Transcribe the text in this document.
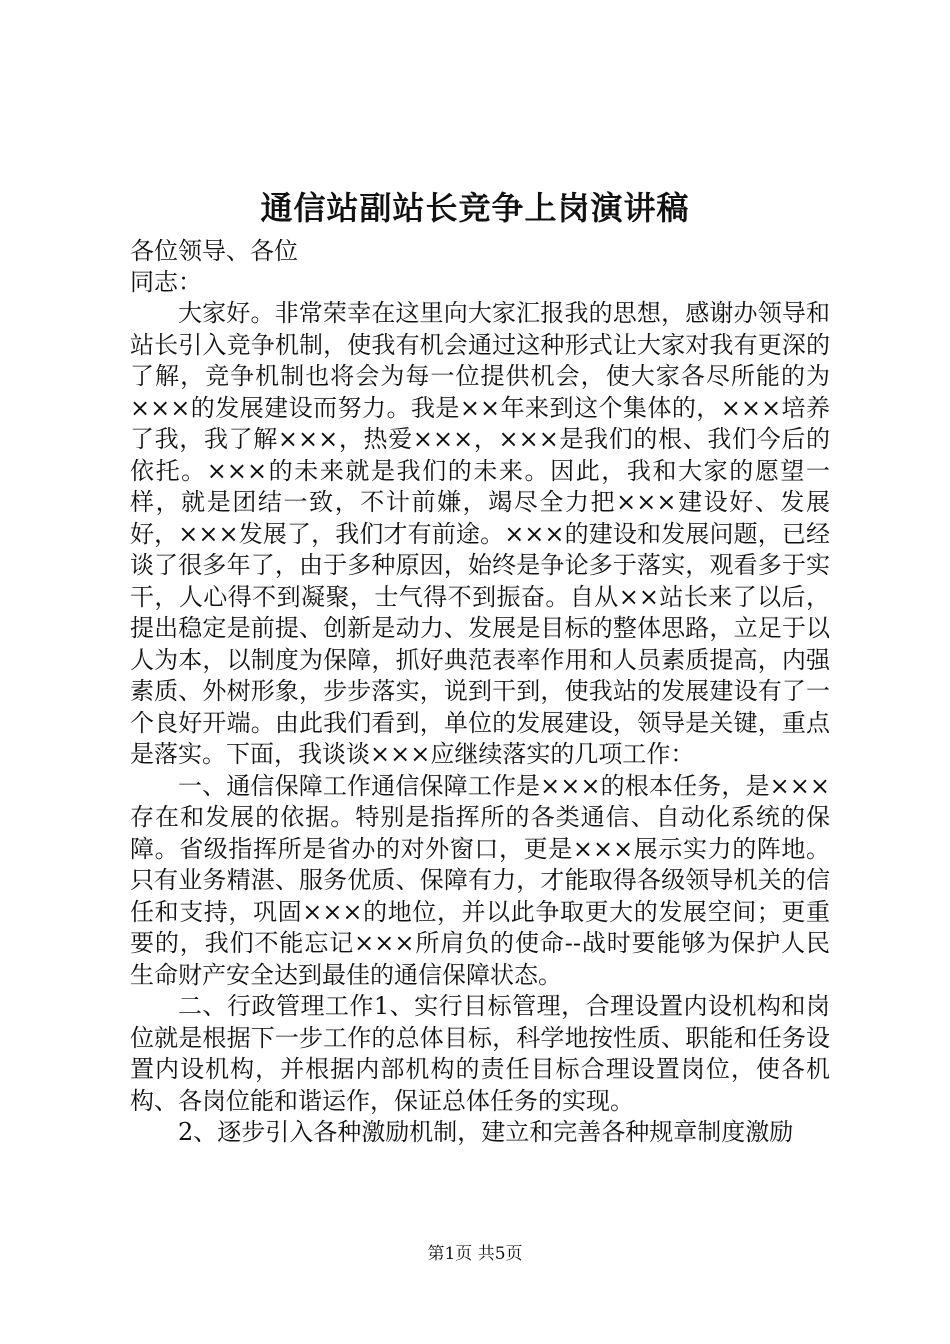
通信站副站长竞争上岗演讲稿

各位领导、各位

同志：

大家好。非常荣幸在这里向大家汇报我的思想，感谢办领导和站长引入竞争机制，使我有机会通过这种形式让大家对我有更深的了解，竞争机制也将会为每一位提供机会，使大家各尽所能的为×××的发展建设而努力。我是××年来到这个集体的，×××培养了我，我了解×××，热爱×××，×××是我们的根、我们今后的依托。×××的未来就是我们的未来。因此，我和大家的愿望一样，就是团结一致，不计前嫌，竭尽全力把×××建设好、发展好，×××发展了，我们才有前途。×××的建设和发展问题，已经谈了很多年了，由于多种原因，始终是争论多于落实，观看多于实干，人心得不到凝聚，士气得不到振奋。自从××站长来了以后，提出稳定是前提、创新是动力、发展是目标的整体思路，立足于以人为本，以制度为保障，抓好典范表率作用和人员素质提高，内强素质、外树形象，步步落实，说到干到，使我站的发展建设有了一个良好开端。由此我们看到，单位的发展建设，领导是关键，重点是落实。下面，我谈谈×××应继续落实的几项工作：

一、通信保障工作通信保障工作是×××的根本任务，是×××存在和发展的依据。特别是指挥所的各类通信、自动化系统的保障。省级指挥所是省办的对外窗口，更是×××展示实力的阵地。只有业务精湛、服务优质、保障有力，才能取得各级领导机关的信任和支持，巩固×××的地位，并以此争取更大的发展空间；更重要的，我们不能忘记×××所肩负的使命--战时要能够为保护人民生命财产安全达到最佳的通信保障状态。

二、行政管理工作1、实行目标管理，合理设置内设机构和岗位就是根据下一步工作的总体目标，科学地按性质、职能和任务设置内设机构，并根据内部机构的责任目标合理设置岗位，使各机构、各岗位能和谐运作，保证总体任务的实现。

2、逐步引入各种激励机制，建立和完善各种规章制度激励

第1页 共5页
